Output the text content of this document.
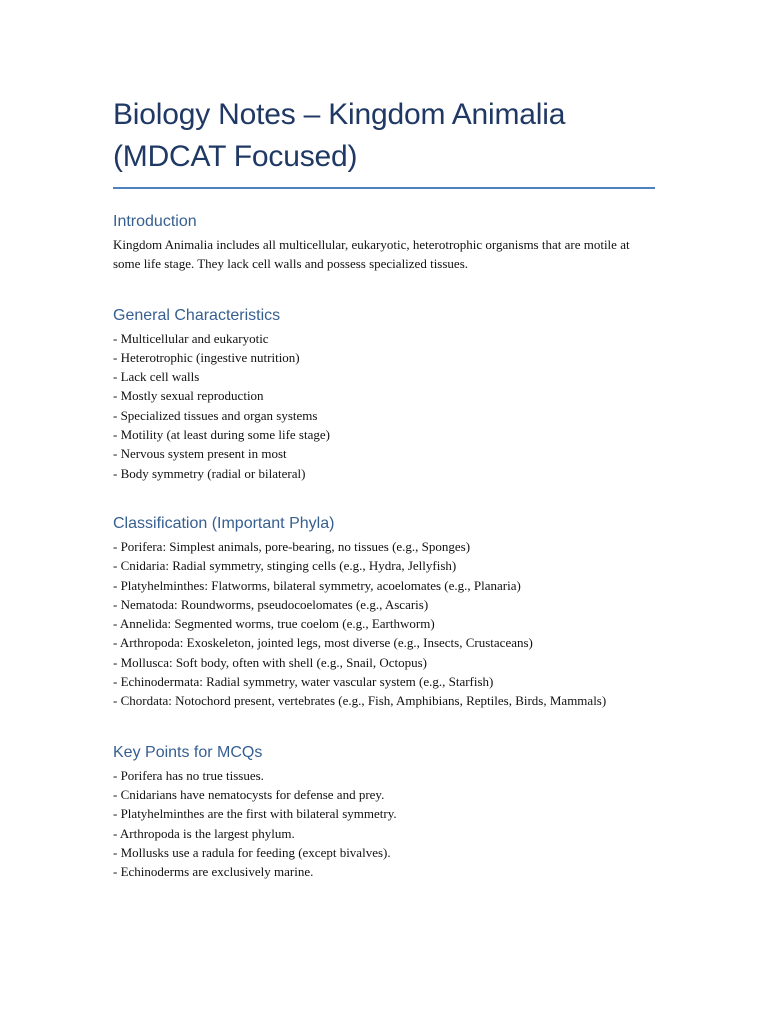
Biology Notes – Kingdom Animalia (MDCAT Focused)
Introduction

Kingdom Animalia includes all multicellular, eukaryotic, heterotrophic organisms that are motile at some life stage. They lack cell walls and possess specialized tissues.

General Characteristics
- Multicellular and eukaryotic
- Heterotrophic (ingestive nutrition)
- Lack cell walls
- Mostly sexual reproduction
- Specialized tissues and organ systems
- Motility (at least during some life stage)
- Nervous system present in most
- Body symmetry (radial or bilateral)
Classification (Important Phyla)
- Porifera: Simplest animals, pore-bearing, no tissues (e.g., Sponges)
- Cnidaria: Radial symmetry, stinging cells (e.g., Hydra, Jellyfish)
- Platyhelminthes: Flatworms, bilateral symmetry, acoelomates (e.g., Planaria)
- Nematoda: Roundworms, pseudocoelomates (e.g., Ascaris)
- Annelida: Segmented worms, true coelom (e.g., Earthworm)
- Arthropoda: Exoskeleton, jointed legs, most diverse (e.g., Insects, Crustaceans)
- Mollusca: Soft body, often with shell (e.g., Snail, Octopus)
- Echinodermata: Radial symmetry, water vascular system (e.g., Starfish)
- Chordata: Notochord present, vertebrates (e.g., Fish, Amphibians, Reptiles, Birds, Mammals)
Key Points for MCQs
- Porifera has no true tissues.
- Cnidarians have nematocysts for defense and prey.
- Platyhelminthes are the first with bilateral symmetry.
- Arthropoda is the largest phylum.
- Mollusks use a radula for feeding (except bivalves).
- Echinoderms are exclusively marine.
